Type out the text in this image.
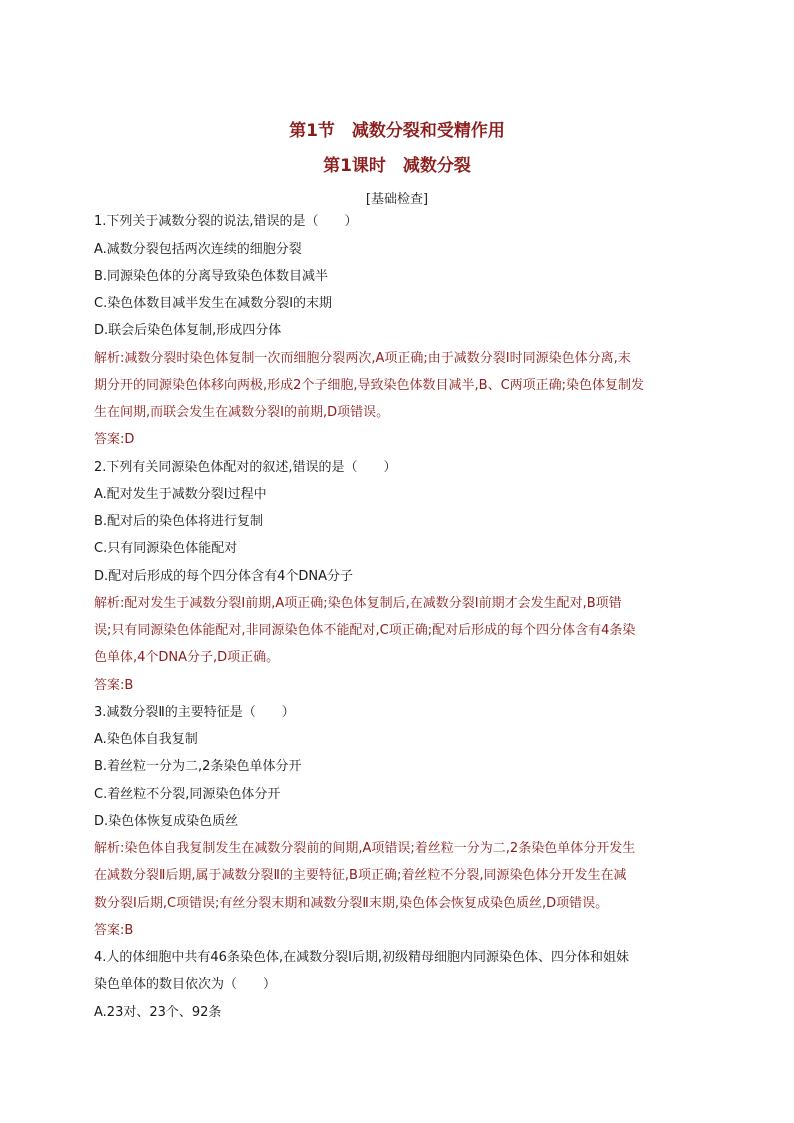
第1节　减数分裂和受精作用
第1课时　减数分裂
[基础检查]
1.下列关于减数分裂的说法,错误的是（　　）
A.减数分裂包括两次连续的细胞分裂
B.同源染色体的分离导致染色体数目减半
C.染色体数目减半发生在减数分裂Ⅰ的末期
D.联会后染色体复制,形成四分体
解析:减数分裂时染色体复制一次而细胞分裂两次,A项正确;由于减数分裂Ⅰ时同源染色体分离,末
期分开的同源染色体移向两极,形成2个子细胞,导致染色体数目减半,B、C两项正确;染色体复制发
生在间期,而联会发生在减数分裂Ⅰ的前期,D项错误。
答案:D
2.下列有关同源染色体配对的叙述,错误的是（　　）
A.配对发生于减数分裂Ⅰ过程中
B.配对后的染色体将进行复制
C.只有同源染色体能配对
D.配对后形成的每个四分体含有4个DNA分子
解析:配对发生于减数分裂Ⅰ前期,A项正确;染色体复制后,在减数分裂Ⅰ前期才会发生配对,B项错
误;只有同源染色体能配对,非同源染色体不能配对,C项正确;配对后形成的每个四分体含有4条染
色单体,4个DNA分子,D项正确。
答案:B
3.减数分裂Ⅱ的主要特征是（　　）
A.染色体自我复制
B.着丝粒一分为二,2条染色单体分开
C.着丝粒不分裂,同源染色体分开
D.染色体恢复成染色质丝
解析:染色体自我复制发生在减数分裂前的间期,A项错误;着丝粒一分为二,2条染色单体分开发生
在减数分裂Ⅱ后期,属于减数分裂Ⅱ的主要特征,B项正确;着丝粒不分裂,同源染色体分开发生在减
数分裂Ⅰ后期,C项错误;有丝分裂末期和减数分裂Ⅱ末期,染色体会恢复成染色质丝,D项错误。
答案:B
4.人的体细胞中共有46条染色体,在减数分裂Ⅰ后期,初级精母细胞内同源染色体、四分体和姐妹
染色单体的数目依次为（　　）
A.23对、23个、92条
